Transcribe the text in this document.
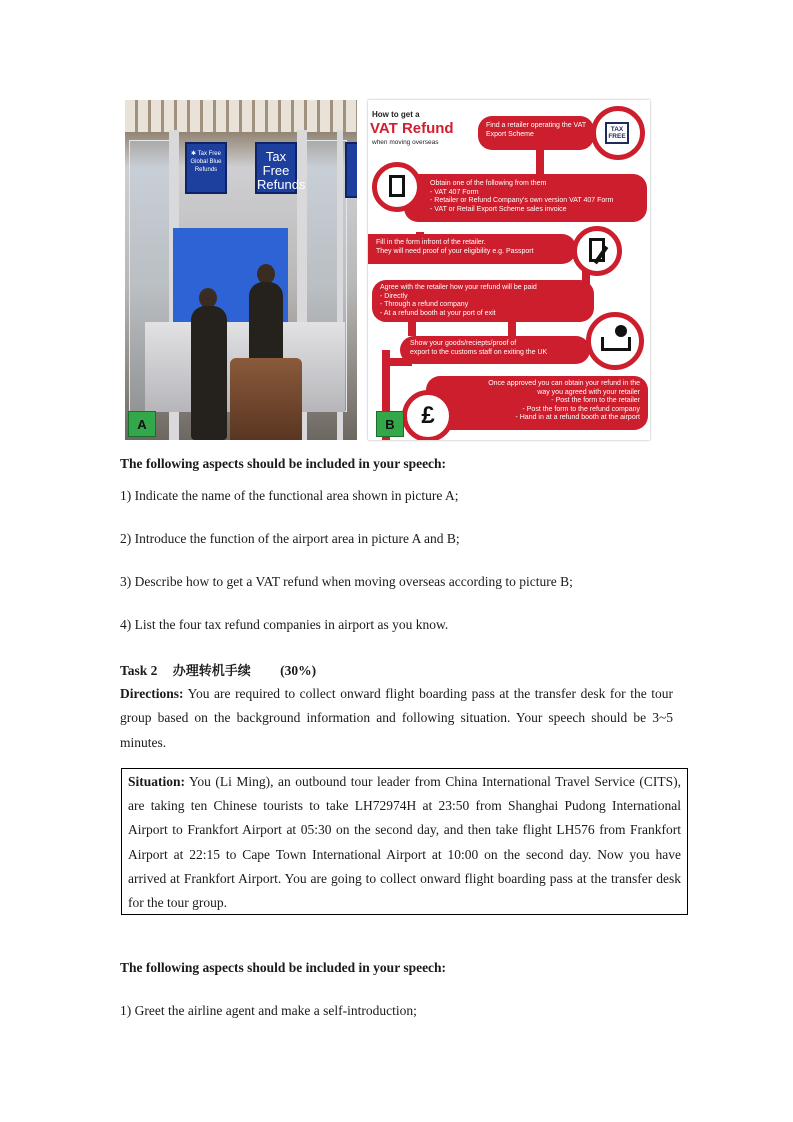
✱ Tax Free
Global Blue
Refunds
Tax Free Refunds
A
How to get a
VAT Refund
when moving overseas
Find a retailer operating the VAT Export Scheme
TAX FREE
Obtain one of the following from them
- VAT 407 Form
- Retailer or Refund Company's own version VAT 407 Form
- VAT or Retail Export Scheme sales invoice
Fill in the form infront of the retailer.
They will need proof of your eligibility e.g. Passport
Agree with the retailer how your refund will be paid
- Directly
- Through a refund company
- At a refund booth at your port of exit
Show your goods/reciepts/proof of
export to the customs staff on exiting the UK
Once approved you can obtain your refund in the
way you agreed with your retailer
- Post the form to the retailer
- Post the form to the refund company
- Hand in at a refund booth at the airport
£
B
The following aspects should be included in your speech:
1) Indicate the name of the functional area shown in picture A;
2) Introduce the function of the airport area in picture A and B;
3) Describe how to get a VAT refund when moving overseas according to picture B;
4) List the four tax refund companies in airport as you know.
Task 2 办理转机手续 (30%)
Directions: You are required to collect onward flight boarding pass at the transfer desk for the tour group based on the background information and following situation. Your speech should be 3~5 minutes.

Situation: You (Li Ming), an outbound tour leader from China International Travel Service (CITS), are taking ten Chinese tourists to take LH72974H at 23:50 from Shanghai Pudong International Airport to Frankfort Airport at 05:30 on the second day, and then take flight LH576 from Frankfort Airport at 22:15 to Cape Town International Airport at 10:00 on the second day. Now you have arrived at Frankfort Airport. You are going to collect onward flight boarding pass at the transfer desk for the tour group.

The following aspects should be included in your speech:
1) Greet the airline agent and make a self-introduction;
